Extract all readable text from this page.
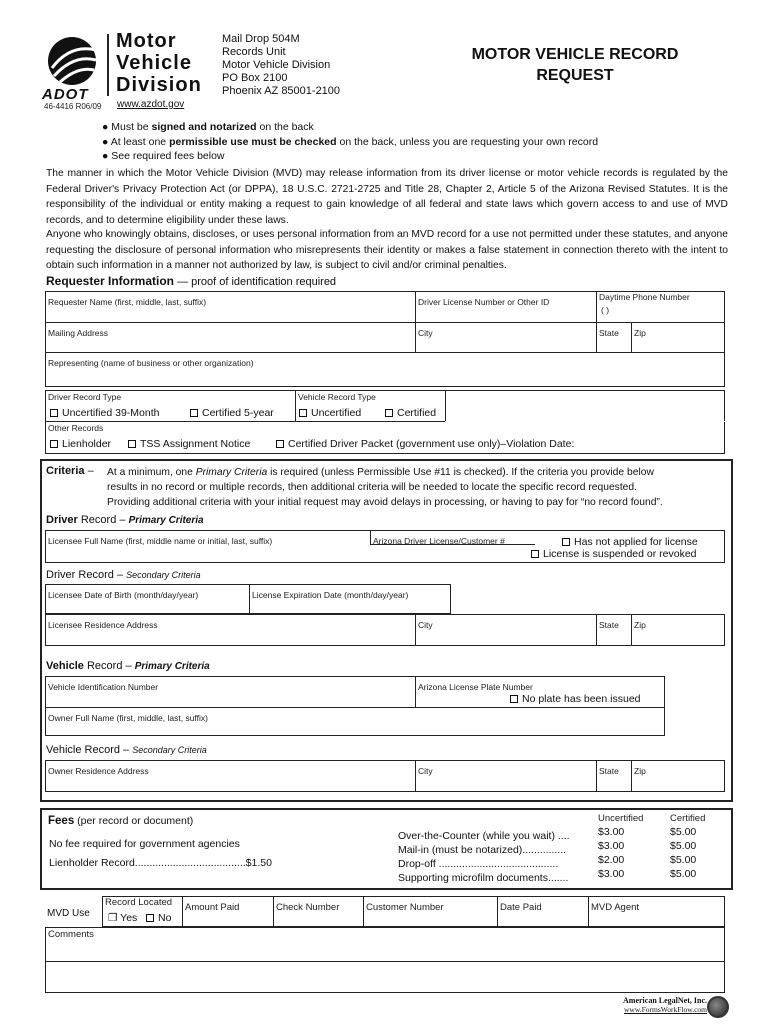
ADOT
Motor
Vehicle
Division
Mail Drop 504M
Records Unit
Motor Vehicle Division
PO Box 2100
Phoenix AZ 85001-2100
46-4416 R06/09 www.azdot.gov
MOTOR VEHICLE RECORD
REQUEST
● Must be signed and notarized on the back
● At least one permissible use must be checked on the back, unless you are requesting your own record
● See required fees below
The manner in which the Motor Vehicle Division (MVD) may release information from its driver license or motor vehicle records is regulated by the Federal Driver's Privacy Protection Act (or DPPA), 18 U.S.C. 2721-2725 and Title 28, Chapter 2, Article 5 of the Arizona Revised Statutes. It is the responsibility of the individual or entity making a request to gain knowledge of all federal and state laws which govern access to and use of MVD records, and to determine eligibility under these laws.
Anyone who knowingly obtains, discloses, or uses personal information from an MVD record for a use not permitted under these statutes, and anyone requesting the disclosure of personal information who misrepresents their identity or makes a false statement in connection thereto with the intent to obtain such information in a manner not authorized by law, is subject to civil and/or criminal penalties.
Requester Information — proof of identification required
Requester Name (first, middle, last, suffix)	Driver License Number or Other ID	Daytime Phone Number
( )
Mailing Address	City	State	Zip
Representing (name of business or other organization)
Driver Record Type	Vehicle Record Type
Uncertified 39-Month	Certified 5-year	Uncertified	Certified
Other Records
Lienholder	TSS Assignment Notice	Certified Driver Packet (government use only)–Violation Date:
Criteria – At a minimum, one Primary Criteria is required (unless Permissible Use #11 is checked). If the criteria you provide below
results in no record or multiple records, then additional criteria will be needed to locate the specific record requested.
Providing additional criteria with your initial request may avoid delays in processing, or having to pay for “no record found”.
Driver Record – Primary Criteria
Licensee Full Name (first, middle name or initial, last, suffix)	Arizona Driver License/Customer #	Has not applied for license
License is suspended or revoked
Driver Record – Secondary Criteria
Licensee Date of Birth (month/day/year)	License Expiration Date (month/day/year)
Licensee Residence Address	City	State	Zip
Vehicle Record – Primary Criteria
Vehicle Identification Number	Arizona License Plate Number
No plate has been issued
Owner Full Name (first, middle, last, suffix)
Vehicle Record – Secondary Criteria
Owner Residence Address	City	State	Zip
Fees (per record or document)
No fee required for government agencies
Lienholder Record......................................$1.50
Uncertified	Certified
Over-the-Counter (while you wait) ....	$3.00	$5.00
Mail-in (must be notarized)...............	$3.00	$5.00
Drop-off .........................................	$2.00	$5.00
Supporting microfilm documents.......	$3.00	$5.00
MVD Use
Record Located
❐ Yes	No
Amount Paid	Check Number	Customer Number	Date Paid	MVD Agent
Comments
American LegalNet, Inc.
www.FormsWorkFlow.com
